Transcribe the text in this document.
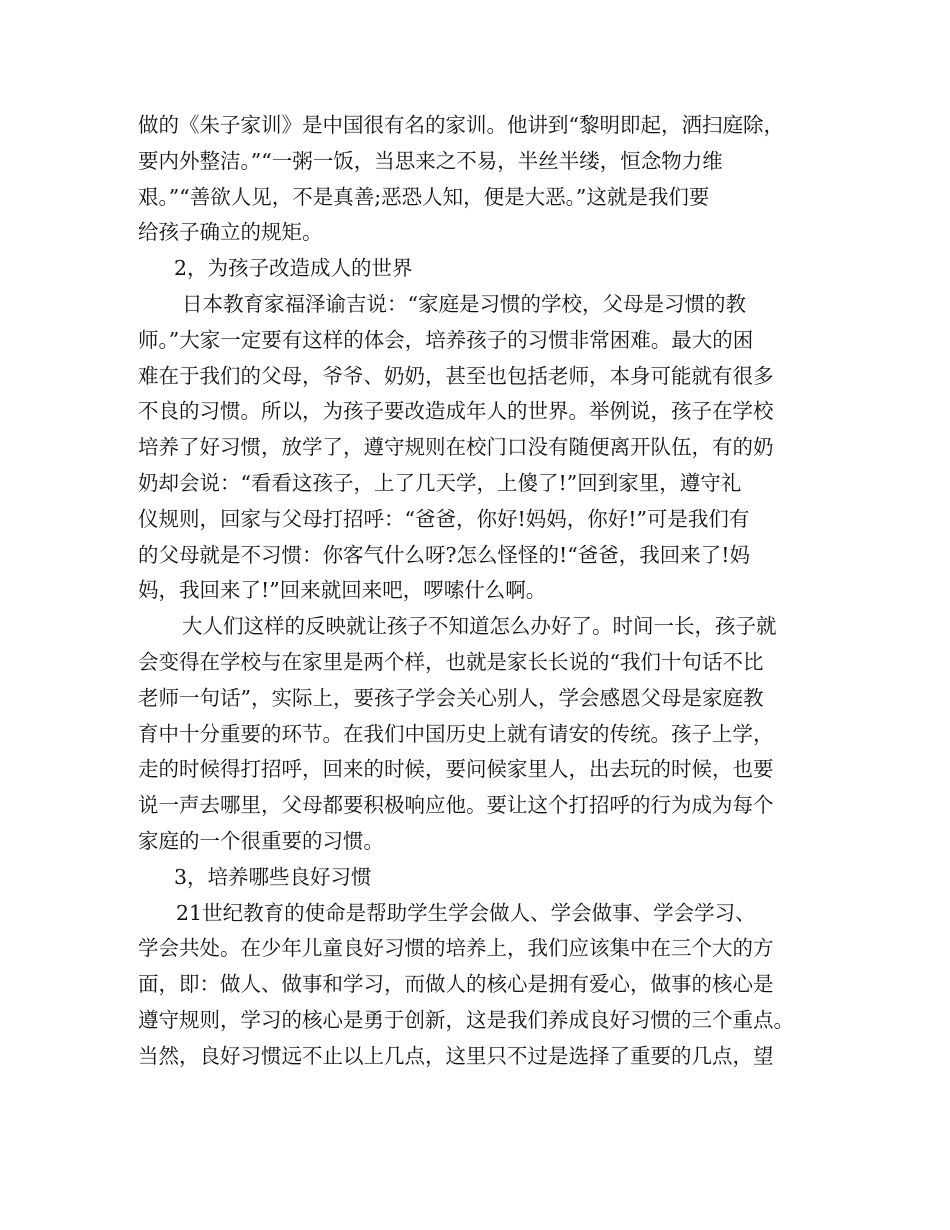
做的《朱子家训》是中国很有名的家训。他讲到“黎明即起，洒扫庭除，
要内外整洁。”“一粥一饭，当思来之不易，半丝半缕，恒念物力维
艰。”“善欲人见，不是真善;恶恐人知，便是大恶。”这就是我们要
给孩子确立的规矩。
2，为孩子改造成人的世界
日本教育家福泽谕吉说：“家庭是习惯的学校，父母是习惯的教
师。”大家一定要有这样的体会，培养孩子的习惯非常困难。最大的困
难在于我们的父母，爷爷、奶奶，甚至也包括老师，本身可能就有很多
不良的习惯。所以，为孩子要改造成年人的世界。举例说，孩子在学校
培养了好习惯，放学了，遵守规则在校门口没有随便离开队伍，有的奶
奶却会说：“看看这孩子，上了几天学，上傻了!”回到家里，遵守礼
仪规则，回家与父母打招呼：“爸爸，你好!妈妈，你好!”可是我们有
的父母就是不习惯：你客气什么呀?怎么怪怪的!“爸爸，我回来了!妈
妈，我回来了!”回来就回来吧，啰嗦什么啊。
大人们这样的反映就让孩子不知道怎么办好了。时间一长，孩子就
会变得在学校与在家里是两个样，也就是家长长说的“我们十句话不比
老师一句话”，实际上，要孩子学会关心别人，学会感恩父母是家庭教
育中十分重要的环节。在我们中国历史上就有请安的传统。孩子上学，
走的时候得打招呼，回来的时候，要问候家里人，出去玩的时候，也要
说一声去哪里，父母都要积极响应他。要让这个打招呼的行为成为每个
家庭的一个很重要的习惯。
3，培养哪些良好习惯
21世纪教育的使命是帮助学生学会做人、学会做事、学会学习、
学会共处。在少年儿童良好习惯的培养上，我们应该集中在三个大的方
面，即：做人、做事和学习，而做人的核心是拥有爱心，做事的核心是
遵守规则，学习的核心是勇于创新，这是我们养成良好习惯的三个重点。
当然，良好习惯远不止以上几点，这里只不过是选择了重要的几点，望
